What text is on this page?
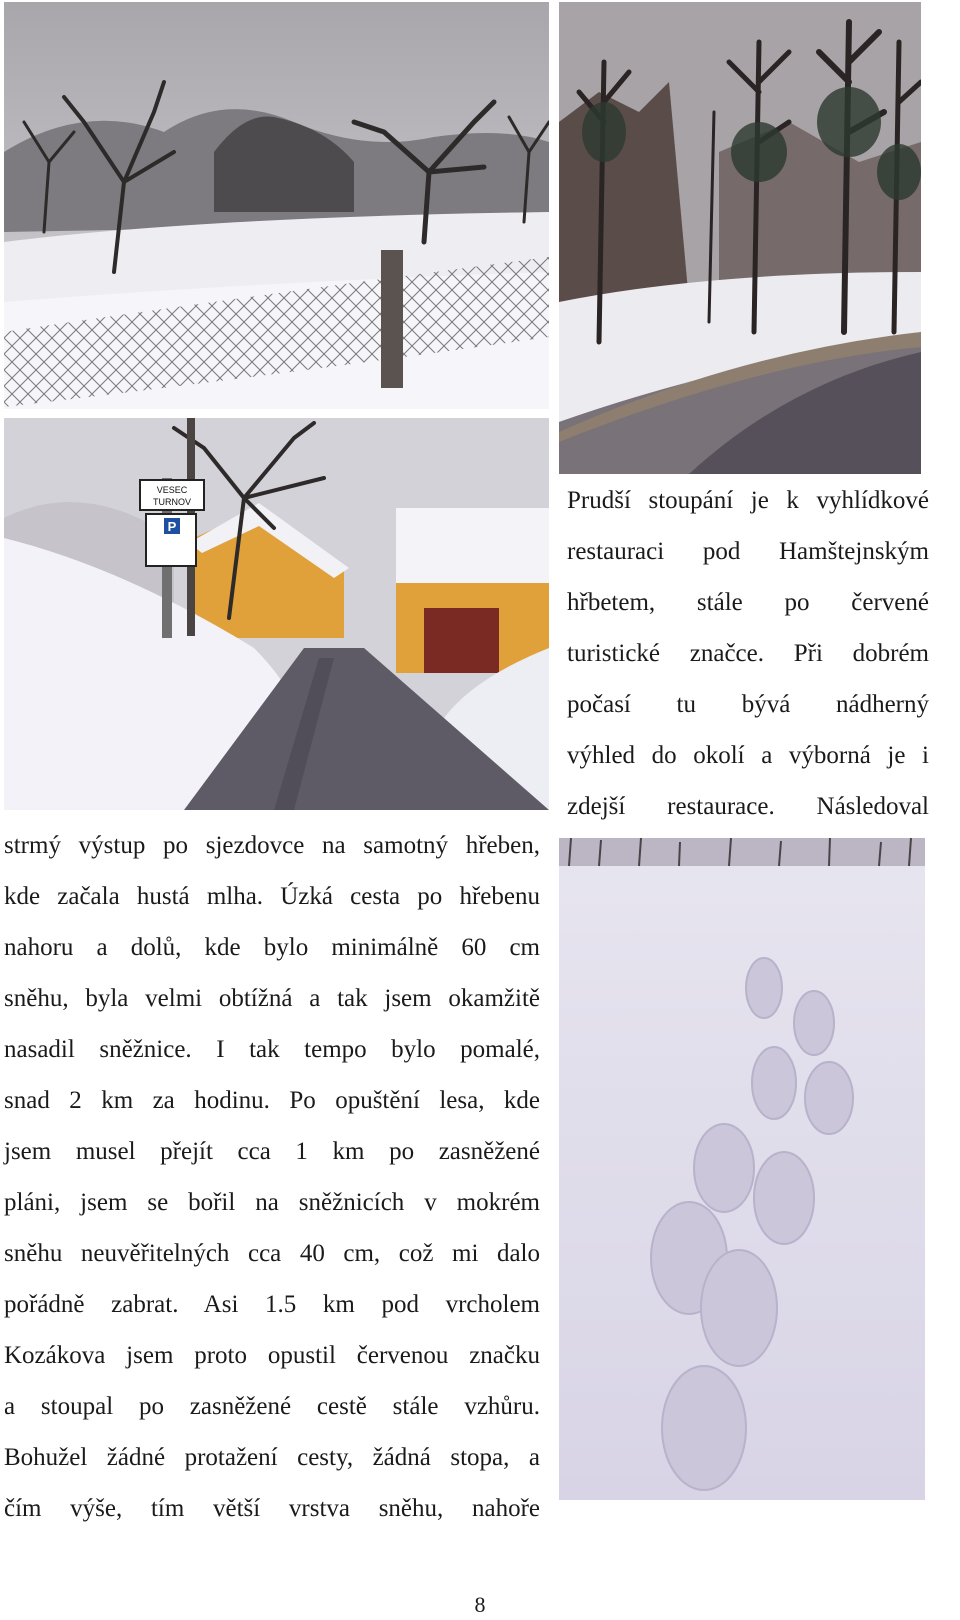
VESEC
TURNOV
P
Prudší stoupání je k vyhlídkové
restauraci pod Hamštejnským
hřbetem, stále po červené
turistické značce. Při dobrém
počasí tu bývá nádherný
výhled do okolí a výborná je i
zdejší restaurace. Následoval
strmý výstup po sjezdovce na samotný hřeben,
kde začala hustá mlha. Úzká cesta po hřebenu
nahoru a dolů, kde bylo minimálně 60 cm
sněhu, byla velmi obtížná a tak jsem okamžitě
nasadil sněžnice. I tak tempo bylo pomalé,
snad 2 km za hodinu. Po opuštění lesa, kde
jsem musel přejít cca 1 km po zasněžené
pláni, jsem se bořil na sněžnicích v mokrém
sněhu neuvěřitelných cca 40 cm, což mi dalo
pořádně zabrat. Asi 1.5 km pod vrcholem
Kozákova jsem proto opustil červenou značku
a stoupal po zasněžené cestě stále vzhůru.
Bohužel žádné protažení cesty, žádná stopa, a
čím výše, tím větší vrstva sněhu, nahoře
8
